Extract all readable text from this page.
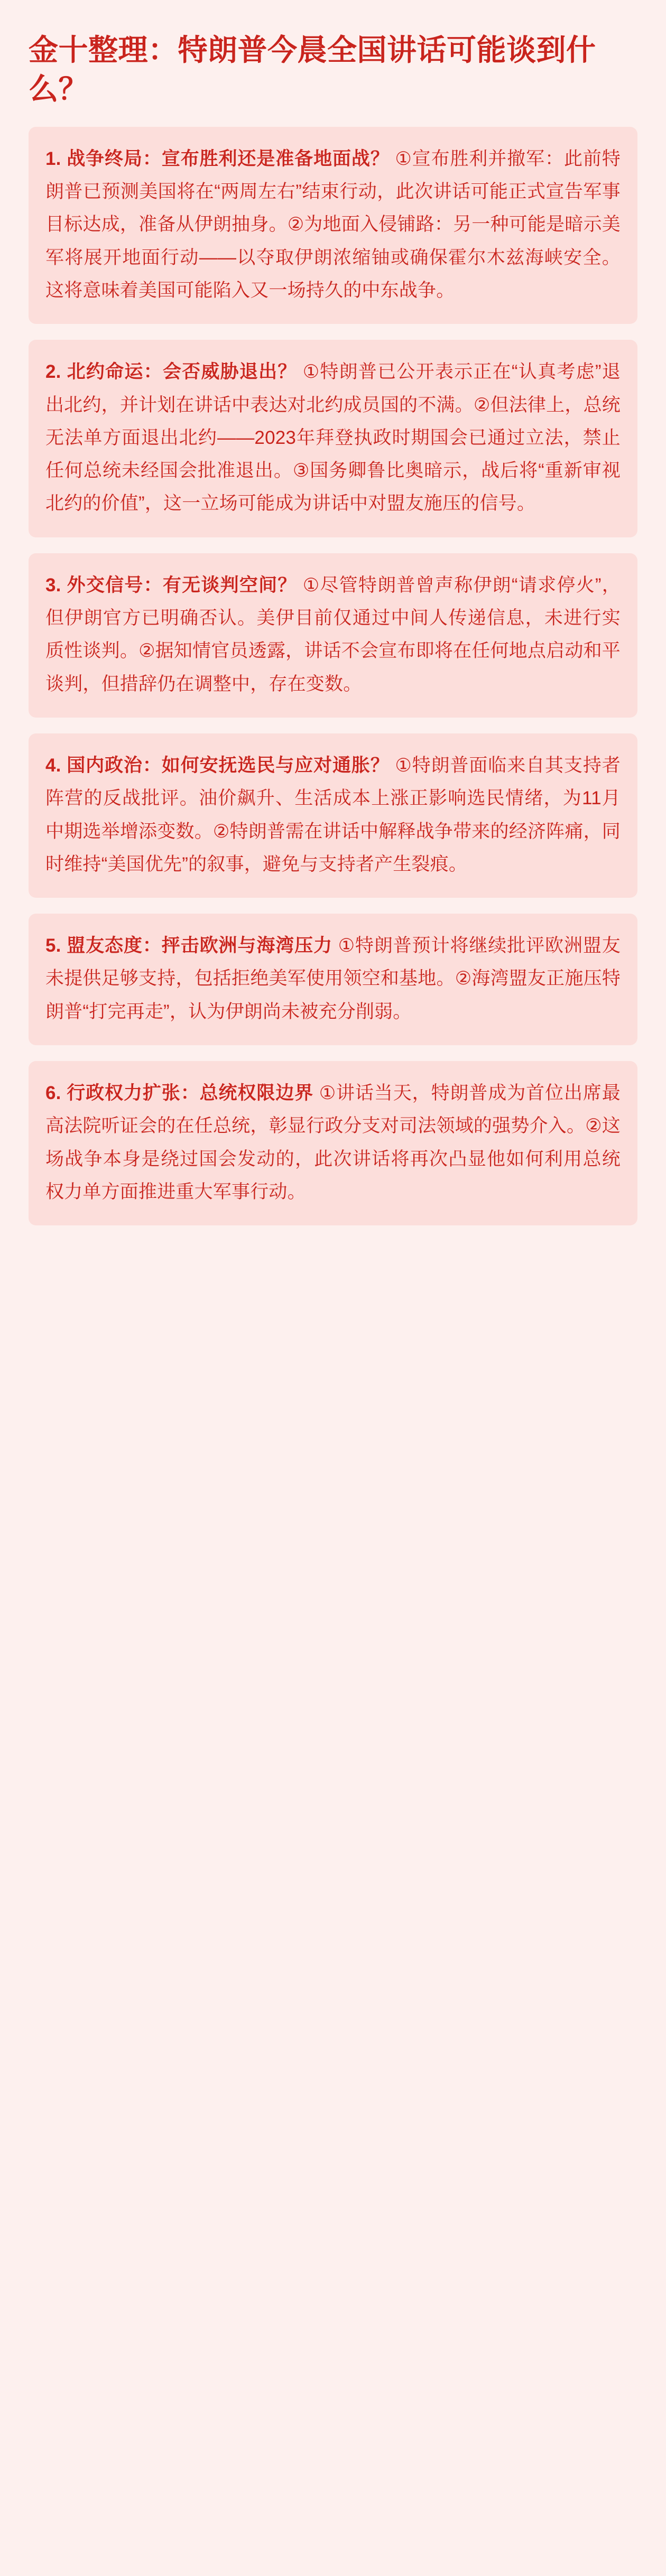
金十整理：特朗普今晨全国讲话可能谈到什么？

1. 战争终局：宣布胜利还是准备地面战？ ①宣布胜利并撤军：此前特朗普已预测美国将在“两周左右”结束行动，此次讲话可能正式宣告军事目标达成，准备从伊朗抽身。②为地面入侵铺路：另一种可能是暗示美军将展开地面行动——以夺取伊朗浓缩铀或确保霍尔木兹海峡安全。这将意味着美国可能陷入又一场持久的中东战争。

2. 北约命运：会否威胁退出？ ①特朗普已公开表示正在“认真考虑”退出北约，并计划在讲话中表达对北约成员国的不满。②但法律上，总统无法单方面退出北约——2023年拜登执政时期国会已通过立法，禁止任何总统未经国会批准退出。③国务卿鲁比奥暗示，战后将“重新审视北约的价值”，这一立场可能成为讲话中对盟友施压的信号。

3. 外交信号：有无谈判空间？ ①尽管特朗普曾声称伊朗“请求停火”，但伊朗官方已明确否认。美伊目前仅通过中间人传递信息，未进行实质性谈判。②据知情官员透露，讲话不会宣布即将在任何地点启动和平谈判，但措辞仍在调整中，存在变数。

4. 国内政治：如何安抚选民与应对通胀？ ①特朗普面临来自其支持者阵营的反战批评。油价飙升、生活成本上涨正影响选民情绪，为11月中期选举增添变数。②特朗普需在讲话中解释战争带来的经济阵痛，同时维持“美国优先”的叙事，避免与支持者产生裂痕。

5. 盟友态度：抨击欧洲与海湾压力 ①特朗普预计将继续批评欧洲盟友未提供足够支持，包括拒绝美军使用领空和基地。②海湾盟友正施压特朗普“打完再走”，认为伊朗尚未被充分削弱。

6. 行政权力扩张：总统权限边界 ①讲话当天，特朗普成为首位出席最高法院听证会的在任总统，彰显行政分支对司法领域的强势介入。②这场战争本身是绕过国会发动的，此次讲话将再次凸显他如何利用总统权力单方面推进重大军事行动。
